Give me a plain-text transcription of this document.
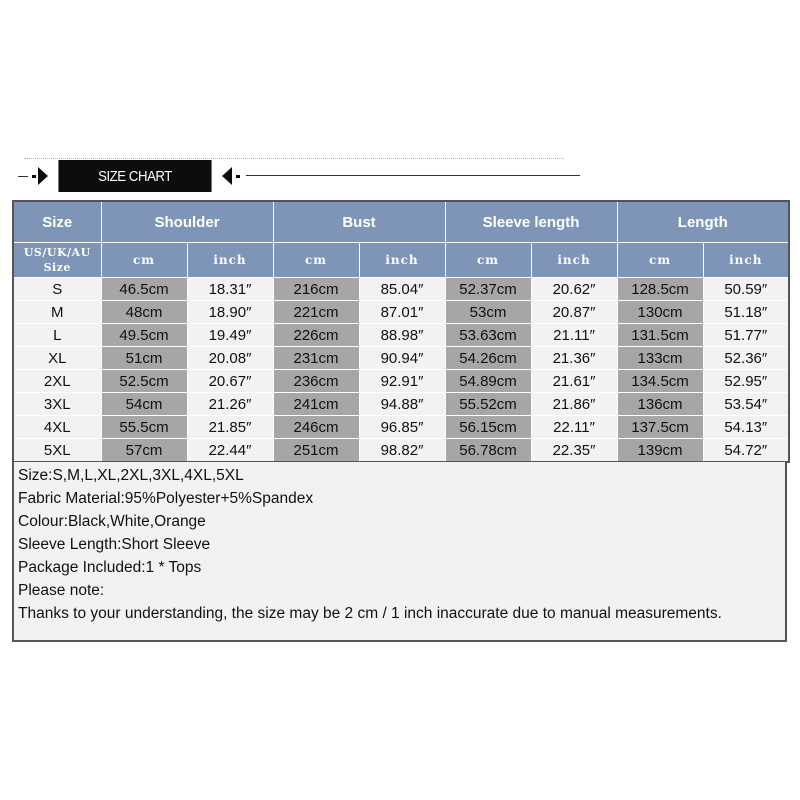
SIZE CHART
Size	Shoulder		Bust		Sleeve length		Length	
US/UK/AU Size	cm	inch	cm	inch	cm	inch	cm	inch
S	46.5cm	18.31″	216cm	85.04″	52.37cm	20.62″	128.5cm	50.59″
M	48cm	18.90″	221cm	87.01″	53cm	20.87″	130cm	51.18″
L	49.5cm	19.49″	226cm	88.98″	53.63cm	21.11″	131.5cm	51.77″
XL	51cm	20.08″	231cm	90.94″	54.26cm	21.36″	133cm	52.36″
2XL	52.5cm	20.67″	236cm	92.91″	54.89cm	21.61″	134.5cm	52.95″
3XL	54cm	21.26″	241cm	94.88″	55.52cm	21.86″	136cm	53.54″
4XL	55.5cm	21.85″	246cm	96.85″	56.15cm	22.11″	137.5cm	54.13″
5XL	57cm	22.44″	251cm	98.82″	56.78cm	22.35″	139cm	54.72″
Size:S,M,L,XL,2XL,3XL,4XL,5XL
Fabric Material:95%Polyester+5%Spandex
Colour:Black,White,Orange
Sleeve Length:Short Sleeve
Package Included:1 * Tops
Please note:
Thanks to your understanding, the size may be 2 cm / 1 inch inaccurate due to manual measurements.
